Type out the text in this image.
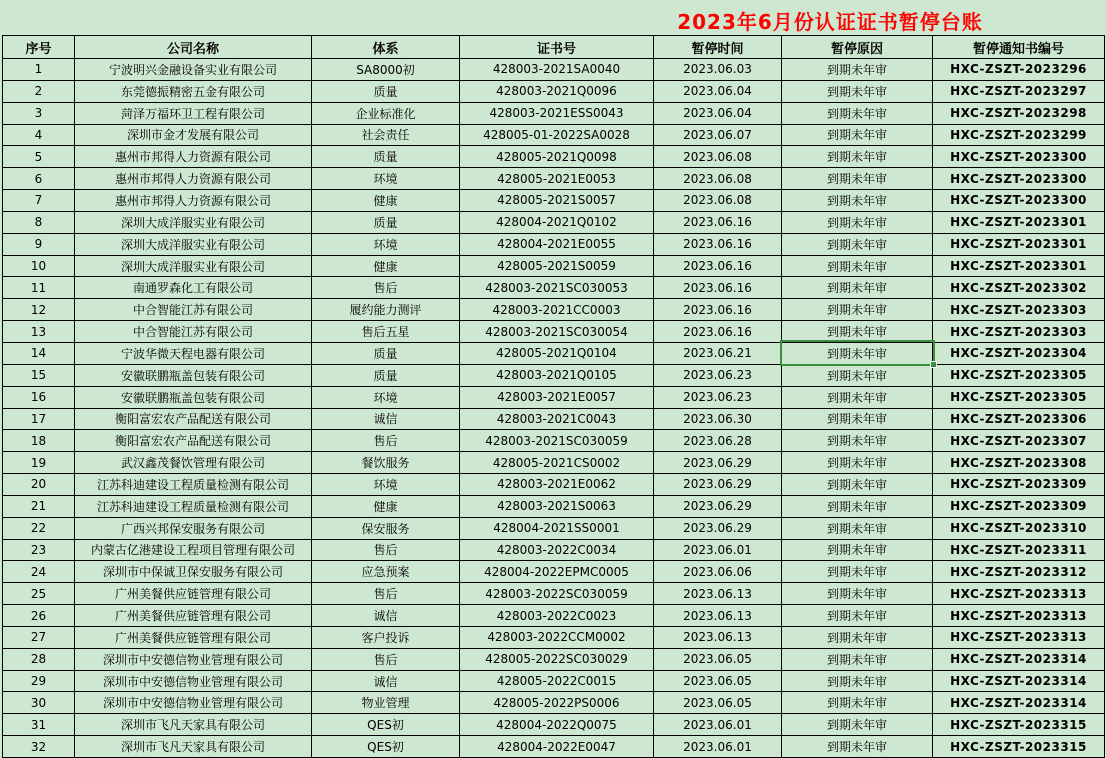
2023年6月份认证证书暂停台账
序号	公司名称	体系	证书号	暂停时间	暂停原因	暂停通知书编号
1	宁波明兴金融设备实业有限公司	SA8000初	428003-2021SA0040	2023.06.03	到期未年审	HXC-ZSZT-2023296
2	东莞德振精密五金有限公司	质量	428003-2021Q0096	2023.06.04	到期未年审	HXC-ZSZT-2023297
3	菏泽万福环卫工程有限公司	企业标准化	428003-2021ESS0043	2023.06.04	到期未年审	HXC-ZSZT-2023298
4	深圳市金才发展有限公司	社会责任	428005-01-2022SA0028	2023.06.07	到期未年审	HXC-ZSZT-2023299
5	惠州市邦得人力资源有限公司	质量	428005-2021Q0098	2023.06.08	到期未年审	HXC-ZSZT-2023300
6	惠州市邦得人力资源有限公司	环境	428005-2021E0053	2023.06.08	到期未年审	HXC-ZSZT-2023300
7	惠州市邦得人力资源有限公司	健康	428005-2021S0057	2023.06.08	到期未年审	HXC-ZSZT-2023300
8	深圳大成洋服实业有限公司	质量	428004-2021Q0102	2023.06.16	到期未年审	HXC-ZSZT-2023301
9	深圳大成洋服实业有限公司	环境	428004-2021E0055	2023.06.16	到期未年审	HXC-ZSZT-2023301
10	深圳大成洋服实业有限公司	健康	428005-2021S0059	2023.06.16	到期未年审	HXC-ZSZT-2023301
11	南通罗森化工有限公司	售后	428003-2021SC030053	2023.06.16	到期未年审	HXC-ZSZT-2023302
12	中合智能江苏有限公司	履约能力测评	428003-2021CC0003	2023.06.16	到期未年审	HXC-ZSZT-2023303
13	中合智能江苏有限公司	售后五星	428003-2021SC030054	2023.06.16	到期未年审	HXC-ZSZT-2023303
14	宁波华微天程电器有限公司	质量	428005-2021Q0104	2023.06.21	到期未年审	HXC-ZSZT-2023304
15	安徽联鹏瓶盖包装有限公司	质量	428003-2021Q0105	2023.06.23	到期未年审	HXC-ZSZT-2023305
16	安徽联鹏瓶盖包装有限公司	环境	428003-2021E0057	2023.06.23	到期未年审	HXC-ZSZT-2023305
17	衡阳富宏农产品配送有限公司	诚信	428003-2021C0043	2023.06.30	到期未年审	HXC-ZSZT-2023306
18	衡阳富宏农产品配送有限公司	售后	428003-2021SC030059	2023.06.28	到期未年审	HXC-ZSZT-2023307
19	武汉鑫茂餐饮管理有限公司	餐饮服务	428005-2021CS0002	2023.06.29	到期未年审	HXC-ZSZT-2023308
20	江苏科迪建设工程质量检测有限公司	环境	428003-2021E0062	2023.06.29	到期未年审	HXC-ZSZT-2023309
21	江苏科迪建设工程质量检测有限公司	健康	428003-2021S0063	2023.06.29	到期未年审	HXC-ZSZT-2023309
22	广西兴邦保安服务有限公司	保安服务	428004-2021SS0001	2023.06.29	到期未年审	HXC-ZSZT-2023310
23	内蒙古亿港建设工程项目管理有限公司	售后	428003-2022C0034	2023.06.01	到期未年审	HXC-ZSZT-2023311
24	深圳市中保诚卫保安服务有限公司	应急预案	428004-2022EPMC0005	2023.06.06	到期未年审	HXC-ZSZT-2023312
25	广州美餐供应链管理有限公司	售后	428003-2022SC030059	2023.06.13	到期未年审	HXC-ZSZT-2023313
26	广州美餐供应链管理有限公司	诚信	428003-2022C0023	2023.06.13	到期未年审	HXC-ZSZT-2023313
27	广州美餐供应链管理有限公司	客户投诉	428003-2022CCM0002	2023.06.13	到期未年审	HXC-ZSZT-2023313
28	深圳市中安德信物业管理有限公司	售后	428005-2022SC030029	2023.06.05	到期未年审	HXC-ZSZT-2023314
29	深圳市中安德信物业管理有限公司	诚信	428005-2022C0015	2023.06.05	到期未年审	HXC-ZSZT-2023314
30	深圳市中安德信物业管理有限公司	物业管理	428005-2022PS0006	2023.06.05	到期未年审	HXC-ZSZT-2023314
31	深圳市飞凡天家具有限公司	QES初	428004-2022Q0075	2023.06.01	到期未年审	HXC-ZSZT-2023315
32	深圳市飞凡天家具有限公司	QES初	428004-2022E0047	2023.06.01	到期未年审	HXC-ZSZT-2023315
